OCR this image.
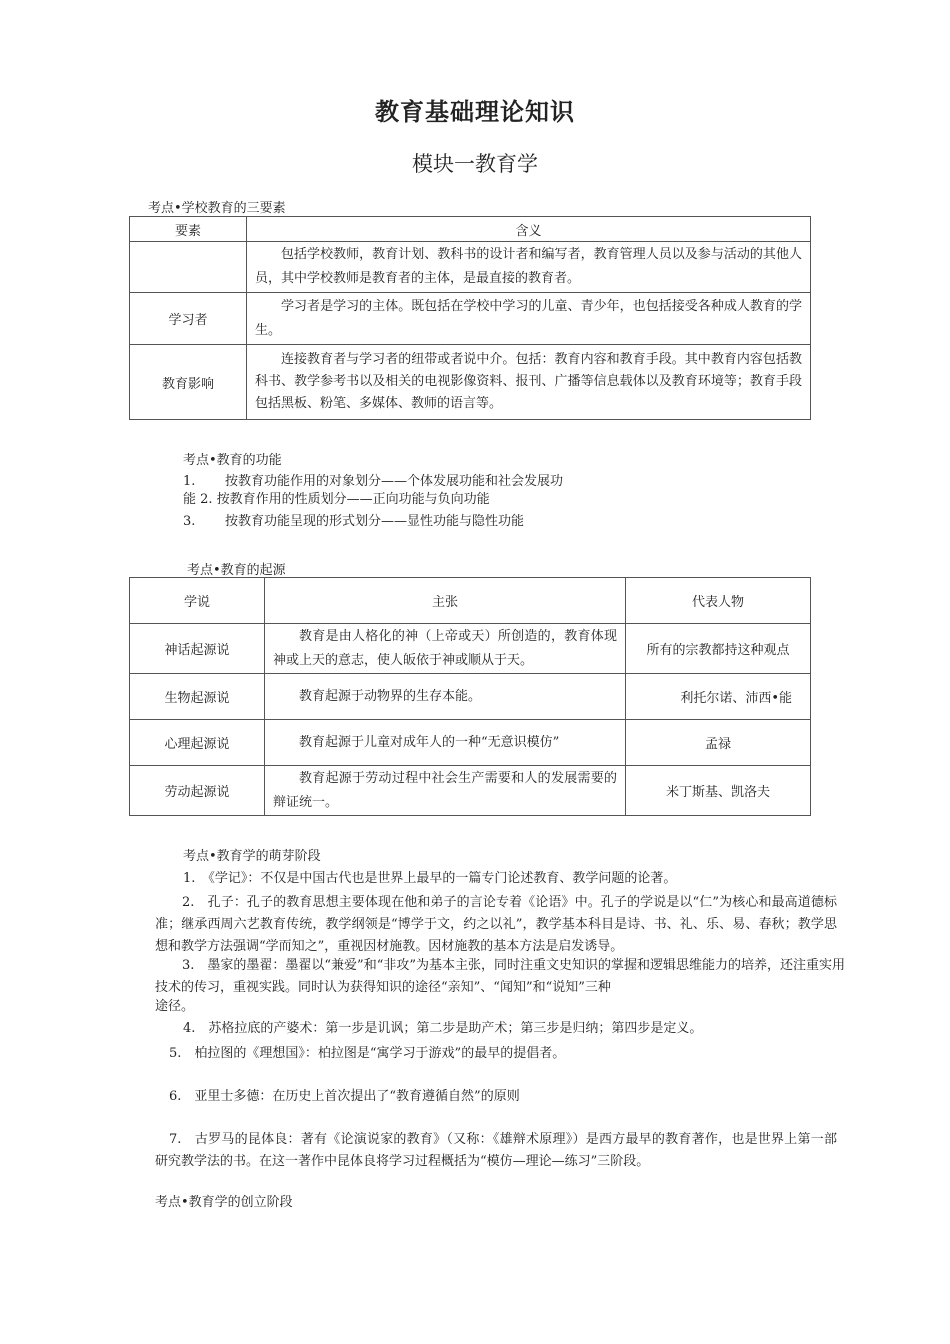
教育基础理论知识
模块一教育学
考点•学校教育的三要素
要素	含义
	包括学校教师，教育计划、教科书的设计者和编写者，教育管理人员以及参与活动的其他人员，其中学校教师是教育者的主体，是最直接的教育者。
学习者	学习者是学习的主体。既包括在学校中学习的儿童、青少年，也包括接受各种成人教育的学生。
教育影响	连接教育者与学习者的纽带或者说中介。包括：教育内容和教育手段。其中教育内容包括教科书、教学参考书以及相关的电视影像资料、报刊、广播等信息载体以及教育环境等；教育手段包括黑板、粉笔、多媒体、教师的语言等。
考点•教育的功能
1. 按教育功能作用的对象划分——个体发展功能和社会发展功
能 2. 按教育作用的性质划分——正向功能与负向功能
3. 按教育功能呈现的形式划分——显性功能与隐性功能
考点•教育的起源
学说	主张	代表人物
神话起源说	教育是由人格化的神（上帝或天）所创造的，教育体现神或上天的意志，使人皈依于神或顺从于天。	所有的宗教都持这种观点
生物起源说	教育起源于动物界的生存本能。	利托尔诺、沛西•能
心理起源说	教育起源于儿童对成年人的一种“无意识模仿”	孟禄
劳动起源说	教育起源于劳动过程中社会生产需要和人的发展需要的辩证统一。	米丁斯基、凯洛夫
考点•教育学的萌芽阶段
1.　《学记》：不仅是中国古代也是世界上最早的一篇专门论述教育、教学问题的论著。
2.　孔子：孔子的教育思想主要体现在他和弟子的言论专着《论语》中。孔子的学说是以“仁”为核心和最高道德标准；继承西周六艺教育传统，教学纲领是“博学于文，约之以礼”，教学基本科目是诗、书、礼、乐、易、春秋；教学思想和教学方法强调“学而知之”，重视因材施教。因材施教的基本方法是启发诱导。
3.　墨家的墨翟：墨翟以“兼爱”和“非攻”为基本主张，同时注重文史知识的掌握和逻辑思维能力的培养，还注重实用技术的传习，重视实践。同时认为获得知识的途径“亲知”、“闻知”和“说知”三种
途径。
4.　苏格拉底的产婆术：第一步是讥讽；第二步是助产术；第三步是归纳；第四步是定义。
5.　柏拉图的《理想国》：柏拉图是“寓学习于游戏”的最早的提倡者。
6.　亚里士多德：在历史上首次提出了“教育遵循自然”的原则
7.　古罗马的昆体良：著有《论演说家的教育》（又称：《雄辩术原理》）是西方最早的教育著作，也是世界上第一部研究教学法的书。在这一著作中昆体良将学习过程概括为“模仿—理论—练习”三阶段。
考点•教育学的创立阶段
